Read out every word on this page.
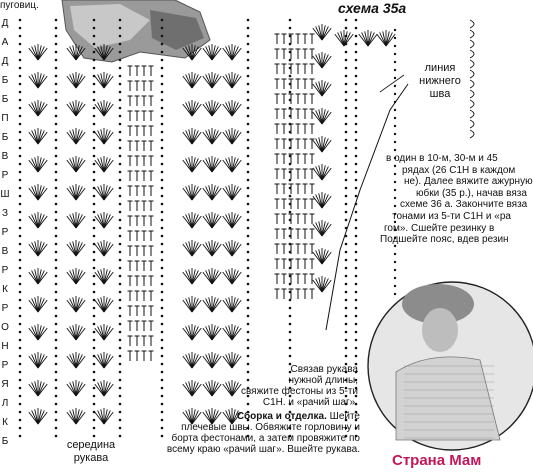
пуговиц.
Д
А
Д
Б
Б
П
Б
В
Р
Ш
З
Р
В
Р
К
Р
О
Н
Р
Я
Л
К
Б
схема 35а
линия
нижнего
шва
в один в 10-м, 30-м и 45
рядах (26 С1Н в каждом
не). Далее вяжите ажурную
юбки (35 р.), начав вяза
схеме 36 а. Закончите вяза
тонами из 5-ти С1Н и «ра
гом». Сшейте резинку в
Подшейте пояс, вдев резин
Связав рукава
нужной длины,
свяжите фестоны из 5-ти
С1Н. и «рачий шаг».
Сборка и отделка. Шейте
плечевые швы. Обвяжите горловину и
борта фестонами, а затем провяжите по
всему краю «рачий шаг». Вшейте рукава.
середина
рукава	Страна Мам
